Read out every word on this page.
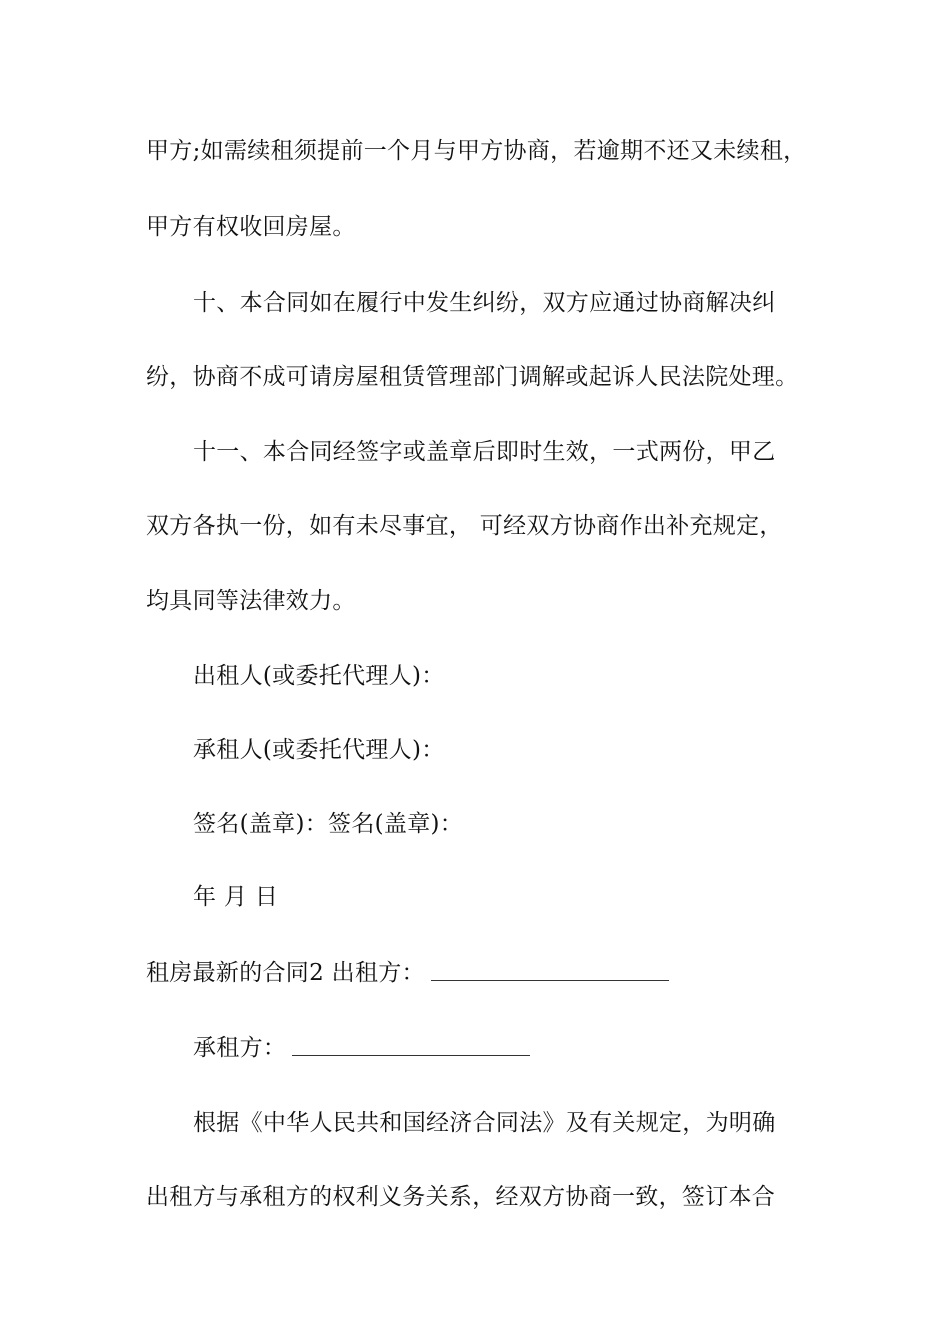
甲方;如需续租须提前一个月与甲方协商，若逾期不还又未续租，
甲方有权收回房屋。
十、本合同如在履行中发生纠纷，双方应通过协商解决纠
纷，协商不成可请房屋租赁管理部门调解或起诉人民法院处理。
十一、本合同经签字或盖章后即时生效，一式两份，甲乙
双方各执一份，如有未尽事宜， 可经双方协商作出补充规定，
均具同等法律效力。
出租人(或委托代理人)：
承租人(或委托代理人)：
签名(盖章)：签名(盖章)：
年 月 日
租房最新的合同2 出租方：
承租方：
根据《中华人民共和国经济合同法》及有关规定，为明确
出租方与承租方的权利义务关系，经双方协商一致，签订本合
